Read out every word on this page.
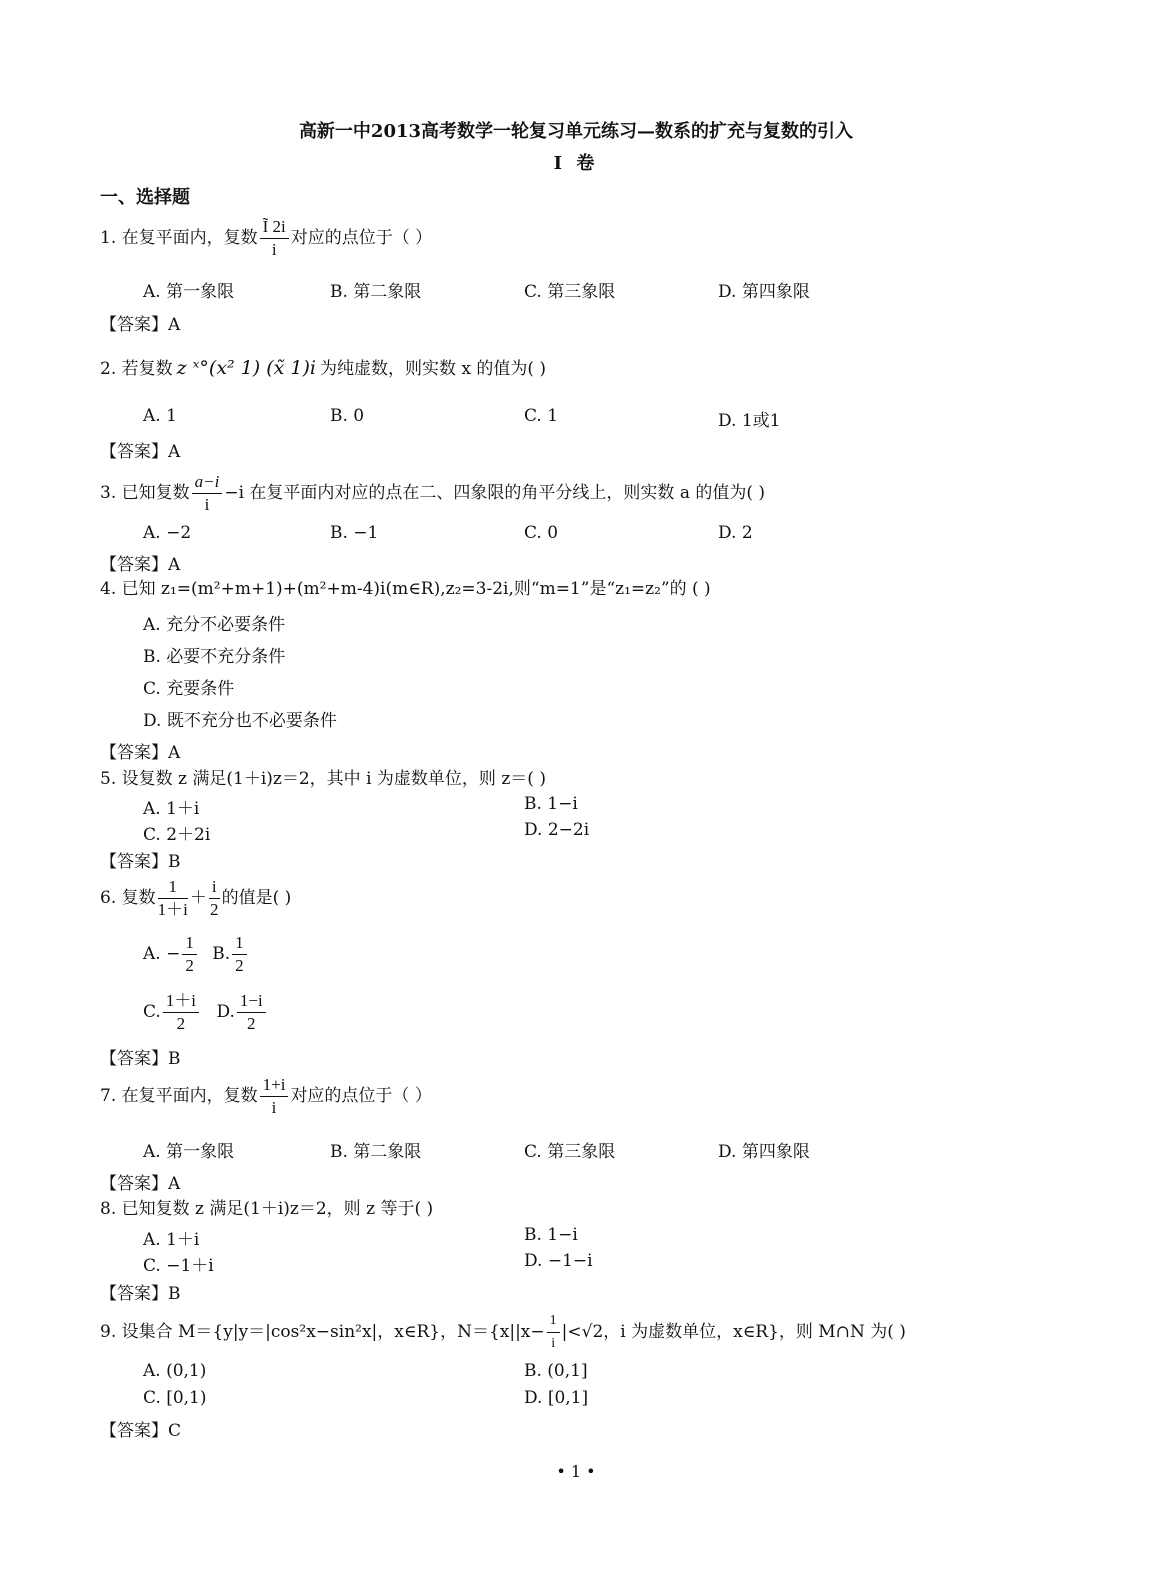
高新一中2013高考数学一轮复习单元练习—数系的扩充与复数的引入
I 卷
一、选择题
1. 在复平面内，复数 $\frac{Ĩ 2i}{i}$ 对应的点位于（ ）
A. 第一象限	B. 第二象限	C. 第三象限	D. 第四象限
【答案】A
2. 若复数 z ˣ°(x² 1) (x̃ 1)i 为纯虚数，则实数 x 的值为( )
A. 1	B. 0	C. 1	D. 1或1
【答案】A
3. 已知复数 $\frac{a-i}{i} -i$ 在复平面内对应的点在二、四象限的角平分线上，则实数 a 的值为( )
A. −2	B. −1	C. 0	D. 2
【答案】A
4. 已知 z₁=(m²+m+1)+(m²+m-4)i(m∈R),z₂=3-2i,则“m=1”是“z₁=z₂”的 ( )
A. 充分不必要条件
B. 必要不充分条件
C. 充要条件
D. 既不充分也不必要条件
【答案】A
5. 设复数 z 满足(1＋i)z＝2，其中 i 为虚数单位，则 z＝( )
A. 1＋i	B. 1−i
C. 2＋2i	D. 2−2i
【答案】B
6. 复数 $\frac{1}{1+i} + \frac{i}{2}$ 的值是( )
A. − $\frac{1}{2} B$. $\frac{1}{2}$
C. $\frac{1+i}{2} D$. $\frac{1-i}{2}$
【答案】B
7. 在复平面内，复数 $\frac{1+i}{i}$ 对应的点位于（ ）
A. 第一象限	B. 第二象限	C. 第三象限	D. 第四象限
【答案】A
8. 已知复数 z 满足(1＋i)z＝2，则 z 等于( )
A. 1＋i	B. 1−i
C. −1＋i	D. −1−i
【答案】B
9. 设集合 M＝{y|y＝|cos²x−sin²x|，x∈R}，$N=\{x||x- \frac{1}{i} |<√2$，i 为虚数单位，x∈R}，则 M∩N 为( )
A. (0,1)	B. (0,1]
C. [0,1)	D. [0,1]
【答案】C
• 1 •
